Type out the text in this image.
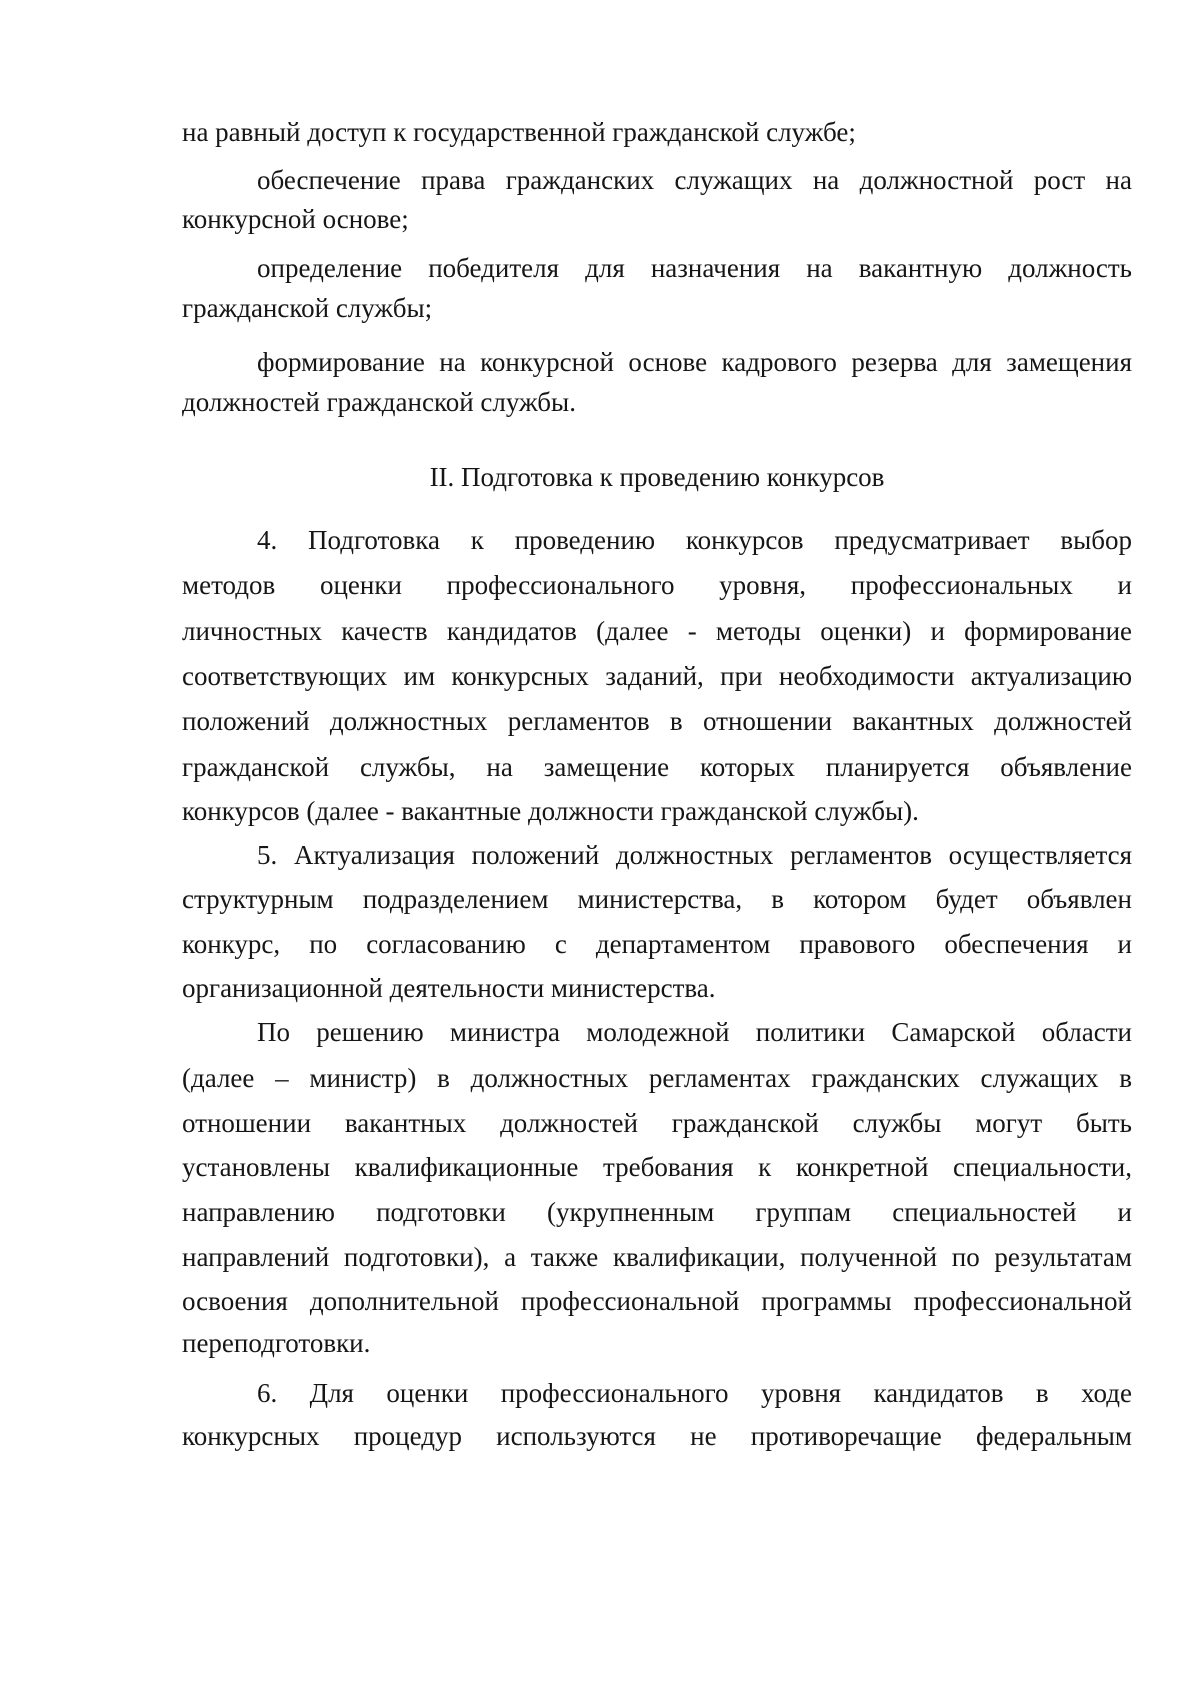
на равный доступ к государственной гражданской службе;
обеспечение права гражданских служащих на должностной рост на
конкурсной основе;
определение победителя для назначения на вакантную должность
гражданской службы;
формирование на конкурсной основе кадрового резерва для замещения
должностей гражданской службы.
II. Подготовка к проведению конкурсов
4. Подготовка к проведению конкурсов предусматривает выбор
методов оценки профессионального уровня, профессиональных и
личностных качеств кандидатов (далее - методы оценки) и формирование
соответствующих им конкурсных заданий, при необходимости актуализацию
положений должностных регламентов в отношении вакантных должностей
гражданской службы, на замещение которых планируется объявление
конкурсов (далее - вакантные должности гражданской службы).
5. Актуализация положений должностных регламентов осуществляется
структурным подразделением министерства, в котором будет объявлен
конкурс, по согласованию с департаментом правового обеспечения и
организационной деятельности министерства.
По решению министра молодежной политики Самарской области
(далее – министр) в должностных регламентах гражданских служащих в
отношении вакантных должностей гражданской службы могут быть
установлены квалификационные требования к конкретной специальности,
направлению подготовки (укрупненным группам специальностей и
направлений подготовки), а также квалификации, полученной по результатам
освоения дополнительной профессиональной программы профессиональной
переподготовки.
6. Для оценки профессионального уровня кандидатов в ходе
конкурсных процедур используются не противоречащие федеральным
